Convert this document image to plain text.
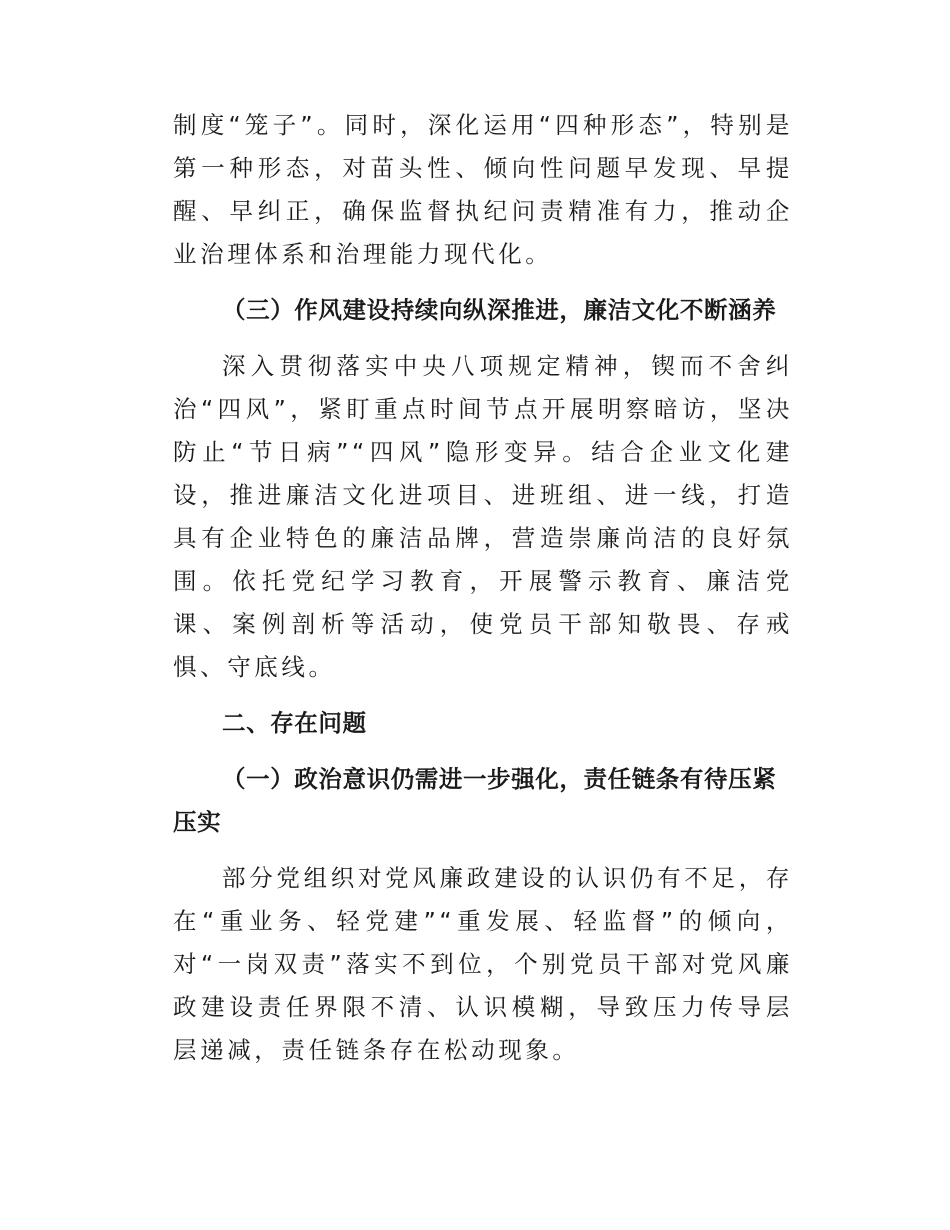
制度“笼子”。同时，深化运用“四种形态”，特别是第一种形态，对苗头性、倾向性问题早发现、早提醒、早纠正，确保监督执纪问责精准有力，推动企业治理体系和治理能力现代化。

（三）作风建设持续向纵深推进，廉洁文化不断涵养

深入贯彻落实中央八项规定精神，锲而不舍纠治“四风”，紧盯重点时间节点开展明察暗访，坚决防止“节日病”“四风”隐形变异。结合企业文化建设，推进廉洁文化进项目、进班组、进一线，打造具有企业特色的廉洁品牌，营造崇廉尚洁的良好氛围。依托党纪学习教育，开展警示教育、廉洁党课、案例剖析等活动，使党员干部知敬畏、存戒惧、守底线。

二、存在问题

（一）政治意识仍需进一步强化，责任链条有待压紧压实

部分党组织对党风廉政建设的认识仍有不足，存在“重业务、轻党建”“重发展、轻监督”的倾向，对“一岗双责”落实不到位，个别党员干部对党风廉政建设责任界限不清、认识模糊，导致压力传导层层递减，责任链条存在松动现象。
